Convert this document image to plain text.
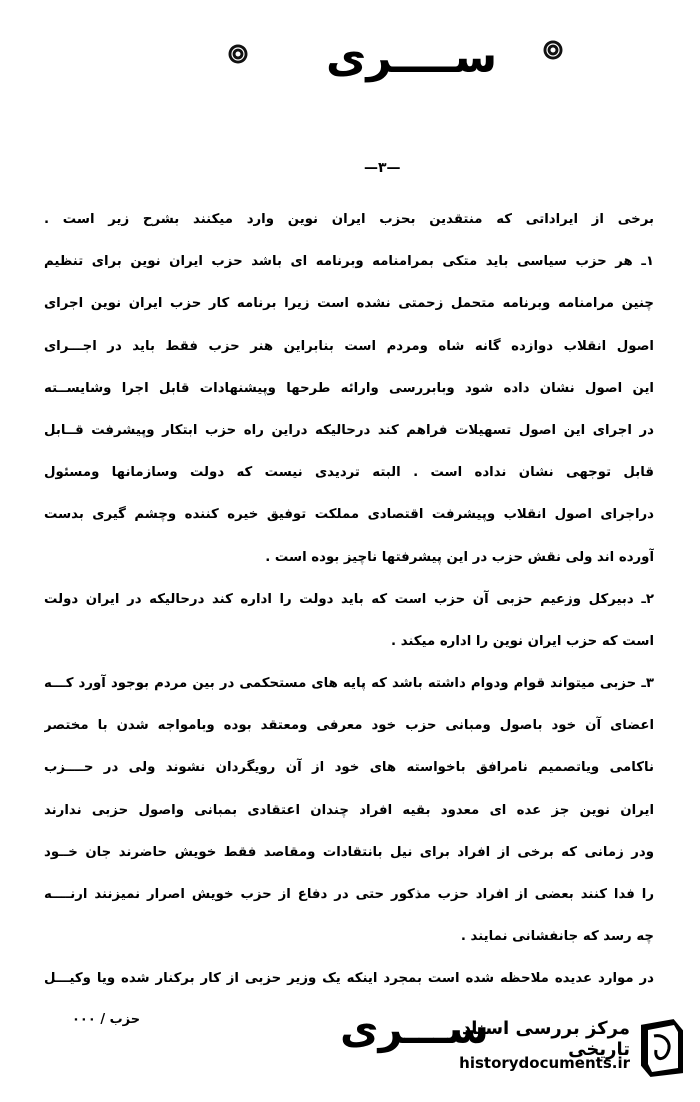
ســــری
—۳—
برخی از ایراداتی که منتقدین بحزب ایران نوین وارد میکنند بشرح زیر است .
۱ـ هر حزب سیاسی باید متکی بمرامنامه وبرنامه ای باشد حزب ایران نوین برای تنظیم
چنین مرامنامه وبرنامه متحمل زحمتی نشده است زیرا برنامه کار حزب ایران نوین اجرای
اصول انقلاب دوازده گانه شاه ومردم است بنابراین هنر حزب فقط باید در اجـــرای
این اصول نشان داده شود وبابررسی وارائه طرحها وپیشنهادات قابل اجرا وشایســته
در اجرای این اصول تسهیلات فراهم کند درحالیکه دراین راه حزب ابتکار وپیشرفت قــابل
قابل توجهی نشان نداده است . البته تردیدی نیست که دولت وسازمانها ومسئول
دراجرای اصول انقلاب وپیشرفت اقتصادی مملکت توفیق خیره کننده وچشم گیری بدست
آورده اند ولی نقش حزب در این پیشرفتها ناچیز بوده است .
۲ـ دبیرکل وزعیم حزبی آن حزب است که باید دولت را اداره کند درحالیکه در ایران دولت
است که حزب ایران نوین را اداره میکند .
۳ـ حزبی میتواند قوام ودوام داشته باشد که پایه های مستحکمی در بین مردم بوجود آورد کـــه
اعضای آن خود باصول ومبانی حزب خود معرفی ومعتقد بوده وبامواجه شدن با مختصر
ناکامی ویاتصمیم نامرافق باخواسته های خود از آن رویگردان نشوند ولی در حــــزب
ایران نوین جز عده ای معدود بقیه افراد چندان اعتقادی بمبانی واصول حزبی ندارند
ودر زمانی که برخی از افراد برای نیل بانتقادات ومقاصد فقط خویش حاضرند جان خــود
را فدا کنند بعضی از افراد حزب مذکور حتی در دفاع از حزب خویش اصرار نمیزنند ارنــــه
چه رسد که جانفشانی نمایند .
در موارد عدیده ملاحظه شده است بمجرد اینکه یک وزیر حزبی از کار برکنار شده ویا وکیـــل
حزب / ۰۰۰	ســـری
مرکز بررسی اسناد تاریخی
historydocuments.ir
